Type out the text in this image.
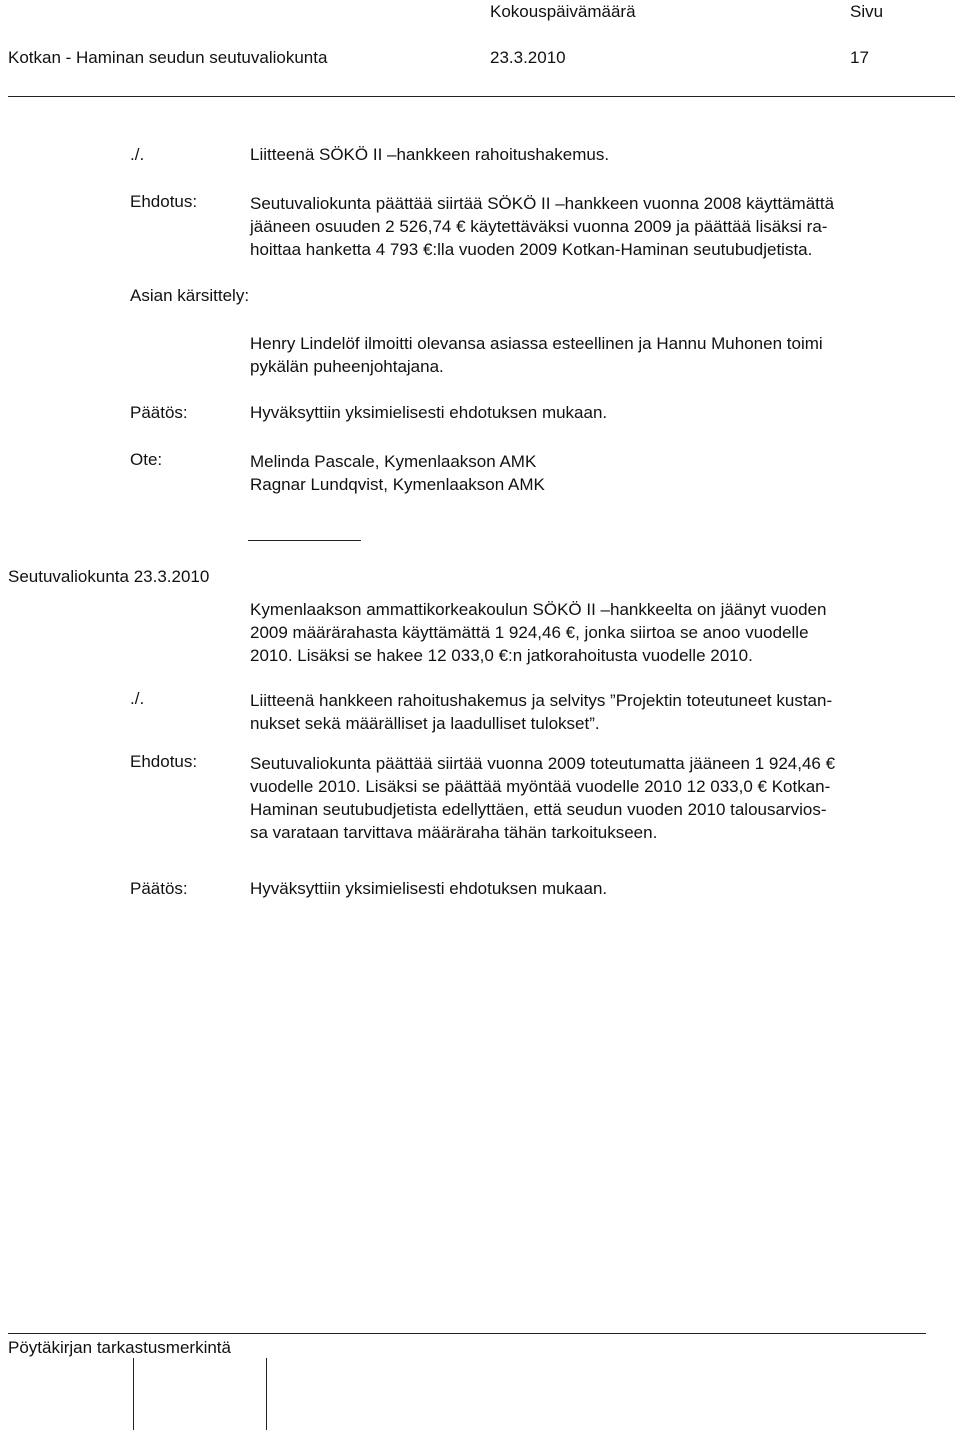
Kokouspäivämäärä	Sivu
Kotkan - Haminan seudun seutuvaliokunta	23.3.2010	17
./.	Liitteenä SÖKÖ II –hankkeen rahoitushakemus.
Ehdotus:	Seutuvaliokunta päättää siirtää SÖKÖ II –hankkeen vuonna 2008 käyttämättä
jääneen osuuden 2 526,74 € käytettäväksi vuonna 2009 ja päättää lisäksi ra-
hoittaa hanketta 4 793 €:lla vuoden 2009 Kotkan-Haminan seutubudjetista.
Asian kärsittely:
Henry Lindelöf ilmoitti olevansa asiassa esteellinen ja Hannu Muhonen toimi
pykälän puheenjohtajana.
Päätös:	Hyväksyttiin yksimielisesti ehdotuksen mukaan.
Ote:	Melinda Pascale, Kymenlaakson AMK
Ragnar Lundqvist, Kymenlaakson AMK
Seutuvaliokunta 23.3.2010
Kymenlaakson ammattikorkeakoulun SÖKÖ II –hankkeelta on jäänyt vuoden
2009 määrärahasta käyttämättä 1 924,46 €, jonka siirtoa se anoo vuodelle
2010. Lisäksi se hakee 12 033,0 €:n jatkorahoitusta vuodelle 2010.
./.	Liitteenä hankkeen rahoitushakemus ja selvitys ”Projektin toteutuneet kustan-
nukset sekä määrälliset ja laadulliset tulokset”.
Ehdotus:	Seutuvaliokunta päättää siirtää vuonna 2009 toteutumatta jääneen 1 924,46 €
vuodelle 2010. Lisäksi se päättää myöntää vuodelle 2010 12 033,0 € Kotkan-
Haminan seutubudjetista edellyttäen, että seudun vuoden 2010 talousarvios-
sa varataan tarvittava määräraha tähän tarkoitukseen.
Päätös:	Hyväksyttiin yksimielisesti ehdotuksen mukaan.
Pöytäkirjan tarkastusmerkintä
